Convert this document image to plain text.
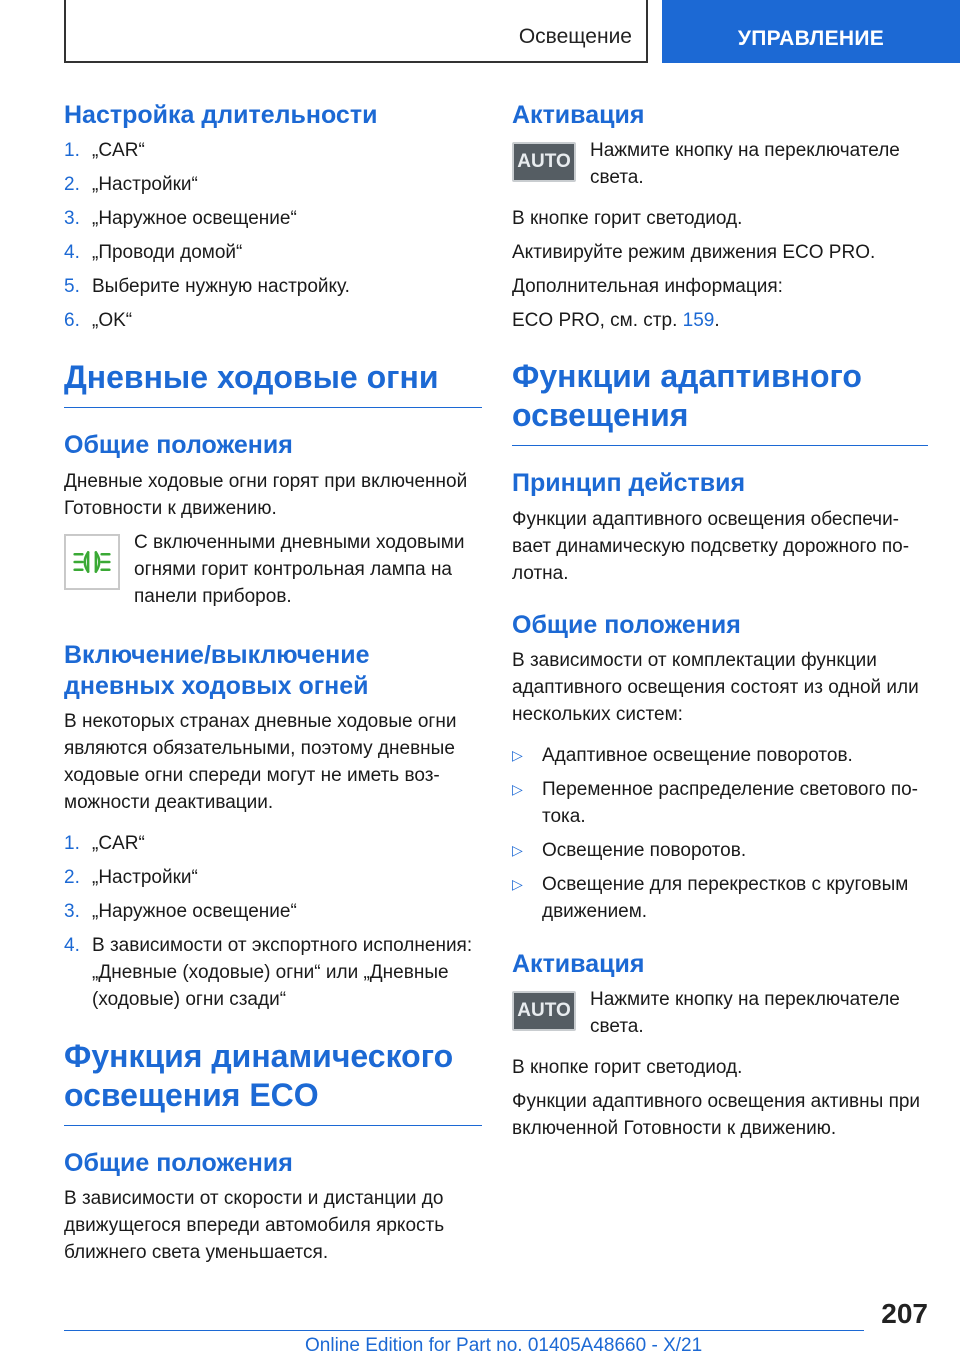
Освещение	УПРАВЛЕНИЕ
Настройка длительности
1. „CAR“
2. „Настройки“
3. „Наружное освещение“
4. „Проводи домой“
5. Выберите нужную настройку.
6. „OK“
Дневные ходовые огни
Общие положения

Дневные ходовые огни горят при включенной Готовности к движению.

С включенными дневными ходовыми огнями горит контрольная лампа на панели приборов.
Включение/выключение дневных ходовых огней

В некоторых странах дневные ходовые огни являются обязательными, поэтому дневные ходовые огни спереди могут не иметь воз-можности деактивации.

1. „CAR“
2. „Настройки“
3. „Наружное освещение“
4. В зависимости от экспортного исполнения: „Дневные (ходовые) огни“ или „Дневные (ходовые) огни сзади“
Функция динамического освещения ECO
Общие положения

В зависимости от скорости и дистанции до движущегося впереди автомобиля яркость ближнего света уменьшается.

Активация
AUTO
Нажмите кнопку на переключателе света.

В кнопке горит светодиод.

Активируйте режим движения ECO PRO.

Дополнительная информация:

ECO PRO, см. стр. 159.

Функции адаптивного освещения
Принцип действия

Функции адаптивного освещения обеспечи-вает динамическую подсветку дорожного по-лотна.

Общие положения

В зависимости от комплектации функции адаптивного освещения состоят из одной или нескольких систем:

▷	Адаптивное освещение поворотов.
▷	Переменное распределение светового по-тока.
▷	Освещение поворотов.
▷	Освещение для перекрестков с круговым движением.
Активация
AUTO
Нажмите кнопку на переключателе света.

В кнопке горит светодиод.

Функции адаптивного освещения активны при включенной Готовности к движению.

207
Online Edition for Part no. 01405A48660 - X/21
